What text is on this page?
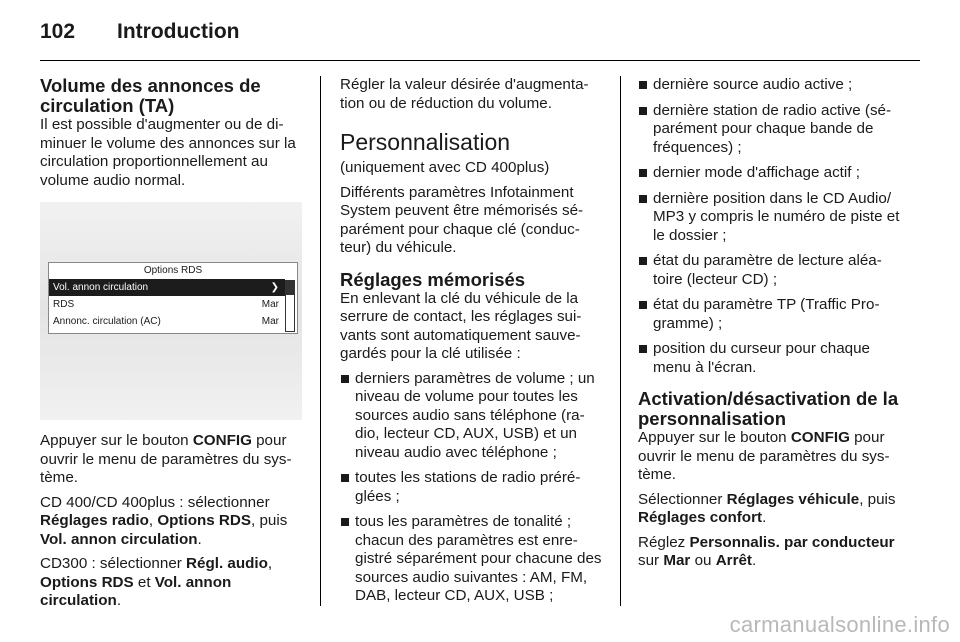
102 Introduction
Volume des annonces de circulation (TA)

Il est possible d'augmenter ou de di-minuer le volume des annonces sur la circulation proportionnellement au volume audio normal.

Options RDS
Vol. annon circulation	❯
RDS	Mar
Annonc. circulation (AC)	Mar

Appuyer sur le bouton CONFIG pour ouvrir le menu de paramètres du sys-tème.

CD 400/CD 400plus : sélectionner Réglages radio, Options RDS, puis Vol. annon circulation.

CD300 : sélectionner Régl. audio, Options RDS et Vol. annon circulation.

Régler la valeur désirée d'augmenta-tion ou de réduction du volume.

Personnalisation

(uniquement avec CD 400plus)

Différents paramètres Infotainment System peuvent être mémorisés sé-parément pour chaque clé (conduc-teur) du véhicule.

Réglages mémorisés

En enlevant la clé du véhicule de la serrure de contact, les réglages sui-vants sont automatiquement sauve-gardés pour la clé utilisée :

derniers paramètres de volume ; un niveau de volume pour toutes les sources audio sans téléphone (ra-dio, lecteur CD, AUX, USB) et un niveau audio avec téléphone ;
toutes les stations de radio préré-glées ;
tous les paramètres de tonalité ; chacun des paramètres est enre-gistré séparément pour chacune des sources audio suivantes : AM, FM, DAB, lecteur CD, AUX, USB ;
dernière source audio active ;
dernière station de radio active (sé-parément pour chaque bande de fréquences) ;
dernier mode d'affichage actif ;
dernière position dans le CD Audio/ MP3 y compris le numéro de piste et le dossier ;
état du paramètre de lecture aléa-toire (lecteur CD) ;
état du paramètre TP (Traffic Pro-gramme) ;
position du curseur pour chaque menu à l'écran.
Activation/désactivation de la personnalisation

Appuyer sur le bouton CONFIG pour ouvrir le menu de paramètres du sys-tème.

Sélectionner Réglages véhicule, puis Réglages confort.

Réglez Personnalis. par conducteur sur Mar ou Arrêt.

carmanualsonline.info
